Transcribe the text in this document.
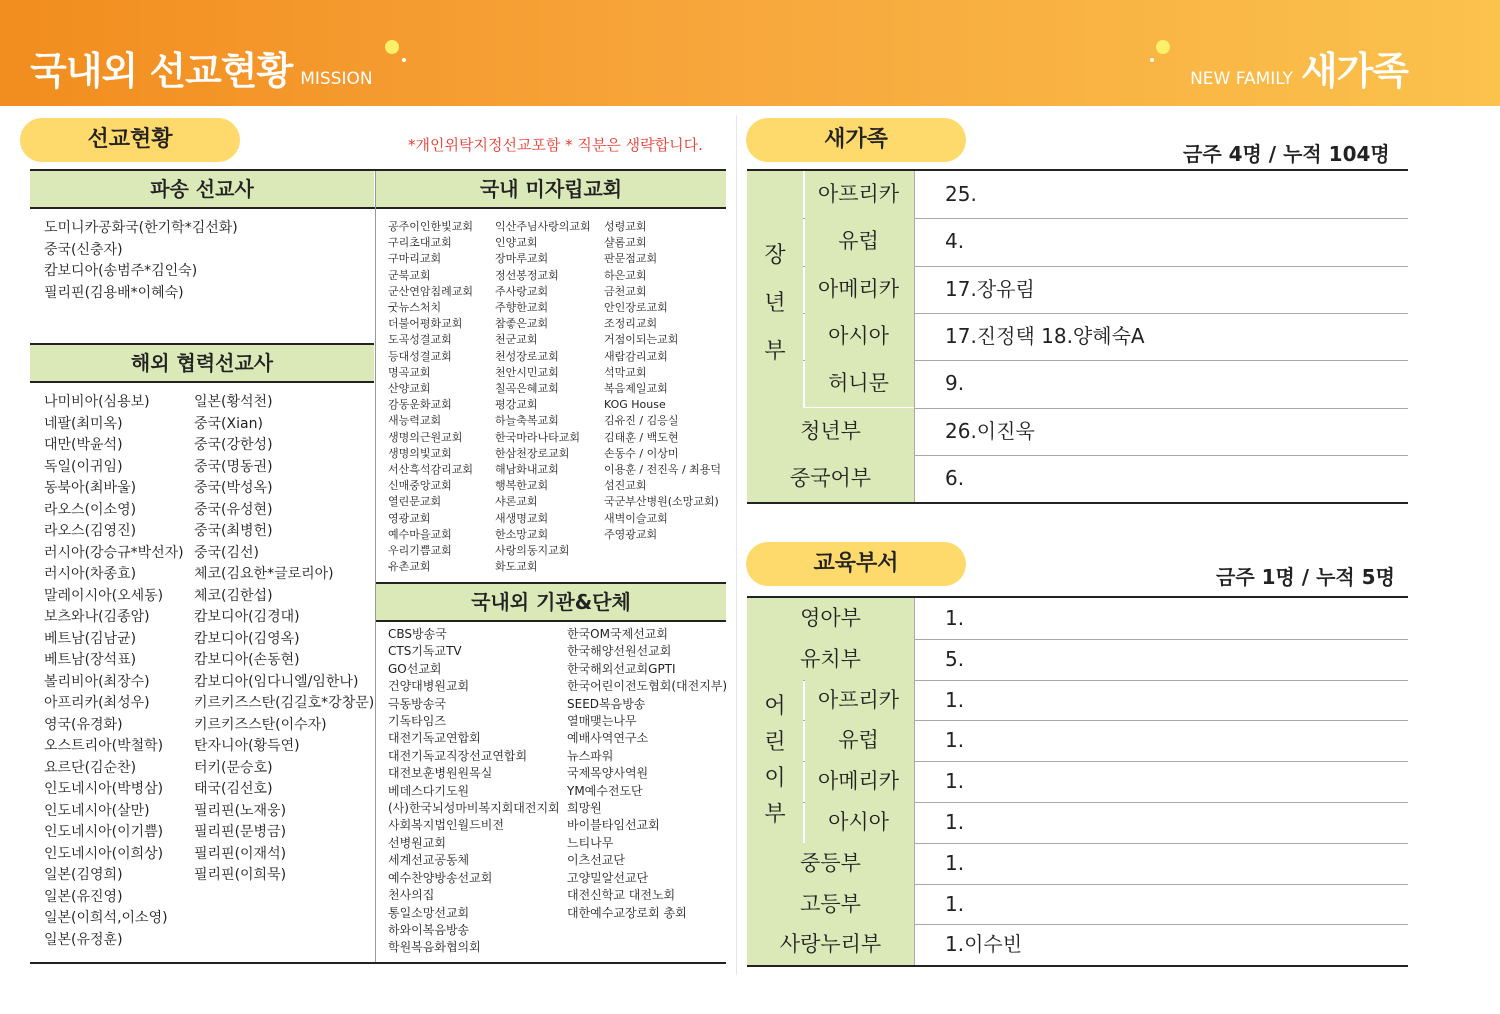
국내외 선교현황 MISSION	NEW FAMILY 새가족
선교현황	*개인위탁지정선교포함 * 직분은 생략합니다.
파송 선교사	국내 미자립교회
도미니카공화국(한기학*김선화)
중국(신충자)
캄보디아(송범주*김인숙)
필리핀(김용배*이혜숙)
해외 협력선교사
나미비아(심용보)
네팔(최미옥)
대만(박윤석)
독일(이귀임)
동북아(최바울)
라오스(이소영)
라오스(김영진)
러시아(강승규*박선자)
러시아(차종효)
말레이시아(오세동)
보츠와나(김종암)
베트남(김남균)
베트남(장석표)
볼리비아(최장수)
아프리카(최성우)
영국(유경화)
오스트리아(박철학)
요르단(김순찬)
인도네시아(박병삼)
인도네시아(살만)
인도네시아(이기쁨)
인도네시아(이희상)
일본(김영희)
일본(유진영)
일본(이희석,이소영)
일본(유정훈)
일본(황석천)
중국(Xian)
중국(강한성)
중국(명동권)
중국(박성옥)
중국(유성현)
중국(최병헌)
중국(김선)
체코(김요한*글로리아)
체코(김한섭)
캄보디아(김경대)
캄보디아(김영옥)
캄보디아(손동현)
캄보디아(임다니엘/임한나)
키르키즈스탄(김길호*강창문)
키르키즈스탄(이수자)
탄자니아(황득연)
터키(문승호)
태국(김선호)
필리핀(노재웅)
필리핀(문병금)
필리핀(이재석)
필리핀(이희묵)
공주이인한빛교회
구리초대교회
구마리교회
군북교회
군산연암침례교회
굿뉴스처치
더불어평화교회
도곡성결교회
등대성결교회
명곡교회
산양교회
감동운화교회
새능력교회
생명의근원교회
생명의빛교회
서산흑석감리교회
신매중앙교회
열린문교회
영광교회
예수마을교회
우리기쁨교회
유촌교회
익산주님사랑의교회
인양교회
장마루교회
정선봉정교회
주사랑교회
주향한교회
참좋은교회
천군교회
천성장로교회
천안시민교회
칠곡은혜교회
평강교회
하늘축복교회
한국마라나타교회
한삼천장로교회
해남화내교회
행복한교회
샤론교회
새생명교회
한소망교회
사랑의동지교회
화도교회
성령교회
샬롬교회
판문점교회
하은교회
금천교회
안인장로교회
조정리교회
거점이되는교회
새람감리교회
석막교회
복음제일교회
KOG House
김유진 / 김응실
김태훈 / 백도현
손동수 / 이상미
이용훈 / 전진옥 / 최용덕
섬진교회
국군부산병원(소망교회)
새벽이슬교회
주영광교회
국내외 기관&단체
CBS방송국
CTS기독교TV
GO선교회
건양대병원교회
극동방송국
기독타임즈
대전기독교연합회
대전기독교직장선교연합회
대전보훈병원원목실
베데스다기도원
(사)한국뇌성마비복지회대전지회
사회복지법인월드비전
선병원교회
세계선교공동체
예수찬양방송선교회
천사의집
통일소망선교회
하와이복음방송
학원복음화협의회
한국OM국제선교회
한국해양선원선교회
한국해외선교회GPTI
한국어린이전도협회(대전지부)
SEED복음방송
열매맺는나무
예배사역연구소
뉴스파워
국제목양사역원
YM예수전도단
희망원
바이블타임선교회
느티나무
이츠선교단
고양밀알선교단
대전신학교 대전노회
대한예수교장로회 총회
새가족
금주 4명 / 누적 104명
교육부서
금주 1명 / 누적 5명
장
년
부
아프리카	25.
유럽	4.
아메리카	17.장유림
아시아	17.진정택 18.양혜숙A
허니문	9.
청년부	26.이진욱
중국어부	6.
영아부	1.
유치부	5.
어
린
이
부
아프리카	1.
유럽	1.
아메리카	1.
아시아	1.
중등부	1.
고등부	1.
사랑누리부	1.이수빈
